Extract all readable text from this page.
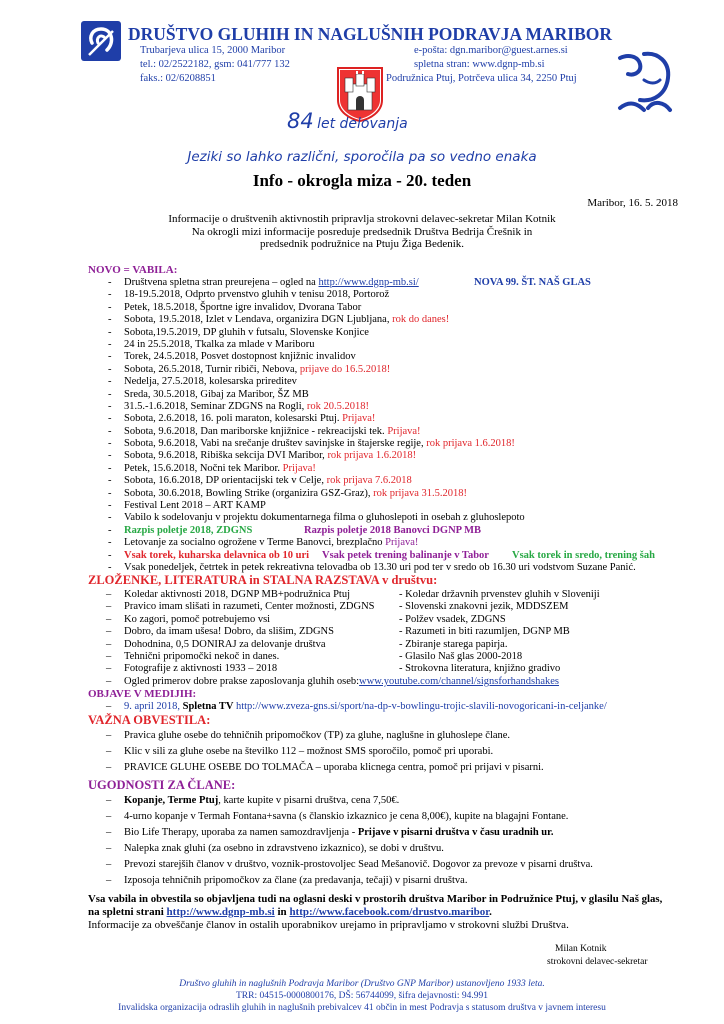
DRUŠTVO GLUHIH IN NAGLUŠNIH PODRAVJA MARIBOR
Trubarjeva ulica 15, 2000 Maribor
tel.: 02/2522182, gsm: 041/777 132
faks.: 02/6208851
e-pošta: dgn.maribor@guest.arnes.si
spletna stran: www.dgnp-mb.si
Podružnica Ptuj, Potrčeva ulica 34, 2250 Ptuj
84 let delovanja
Jeziki so lahko različni, sporočila pa so vedno enaka
Info - okrogla miza - 20. teden
Maribor, 16. 5. 2018
Informacije o društvenih aktivnostih pripravlja strokovni delavec-sekretar Milan Kotnik
Na okrogli mizi informacije posreduje predsednik Društva Bedrija Črešnik in
predsednik podružnice na Ptuju Žiga Bedenik.
NOVO = VABILA:
- Društvena spletna stran preurejena – ogled na http://www.dgnp-mb.si/	NOVA 99. ŠT. NAŠ GLAS
- 18-19.5.2018, Odprto prvenstvo gluhih v tenisu 2018, Portorož
- Petek, 18.5.2018, Športne igre invalidov, Dvorana Tabor
- Sobota, 19.5.2018, Izlet v Lendava, organizira DGN Ljubljana, rok do danes!
- Sobota,19.5.2019, DP gluhih v futsalu, Slovenske Konjice
- 24 in 25.5.2018, Tkalka za mlade v Mariboru
- Torek, 24.5.2018, Posvet dostopnost knjižnic invalidov
- Sobota, 26.5.2018, Turnir ribiči, Nebova, prijave do 16.5.2018!
- Nedelja, 27.5.2018, kolesarska prireditev
- Sreda, 30.5.2018, Gibaj za Maribor, ŠZ MB
- 31.5.-1.6.2018, Seminar ZDGNS na Rogli, rok 20.5.2018!
- Sobota, 2.6.2018, 16. poli maraton, kolesarski Ptuj. Prijava!
- Sobota, 9.6.2018, Dan mariborske knjižnice - rekreacijski tek. Prijava!
- Sobota, 9.6.2018, Vabi na srečanje društev savinjske in štajerske regije, rok prijava 1.6.2018!
- Sobota, 9.6.2018, Ribiška sekcija DVI Maribor, rok prijava 1.6.2018!
- Petek, 15.6.2018, Nočni tek Maribor. Prijava!
- Sobota, 16.6.2018, DP orientacijski tek v Celje, rok prijava 7.6.2018
- Sobota, 30.6.2018, Bowling Strike (organizira GSZ-Graz), rok prijava 31.5.2018!
- Festival Lent 2018 – ART KAMP
- Vabilo k sodelovanju v projektu dokumentarnega filma o gluhoslepoti in osebah z gluhoslepoto
- Razpis poletje 2018, ZDGNS	Razpis poletje 2018 Banovci DGNP MB
- Letovanje za socialno ogrožene v Terme Banovci, brezplačno Prijava!
- Vsak torek, kuharska delavnica ob 10 uri Vsak petek trening balinanje v Tabor Vsak torek in sredo, trening šah
- Vsak ponedeljek, četrtek in petek rekreativna telovadba ob 13.30 uri pod ter v sredo ob 16.30 uri vodstvom Suzane Panić.
ZLOŽENKE, LITERATURA in STALNA RAZSTAVA v društvu:
– Koledar aktivnosti 2018, DGNP MB+podružnica Ptuj	- Koledar državnih prvenstev gluhih v Sloveniji
– Pravico imam slišati in razumeti, Center možnosti, ZDGNS	- Slovenski znakovni jezik, MDDSZEM
– Ko zagori, pomoč potrebujemo vsi	- Polžev vsadek, ZDGNS
– Dobro, da imam ušesa! Dobro, da slišim, ZDGNS	- Razumeti in biti razumljen, DGNP MB
– Dohodnina, 0,5 DONIRAJ za delovanje društva	- Zbiranje starega papirja.
– Tehnični pripomočki nekoč in danes.	- Glasilo Naš glas 2000-2018
– Fotografije z aktivnosti 1933 – 2018	- Strokovna literatura, knjižno gradivo
– Ogled primerov dobre prakse zaposlovanja gluhih oseb: www.youtube.com/channel/signsforhandshakes
OBJAVE V MEDIJIH:
– 9. april 2018, Spletna TV http://www.zveza-gns.si/sport/na-dp-v-bowlingu-trojic-slavili-novogoricani-in-celjanke/
VAŽNA OBVESTILA:
– Pravica gluhe osebe do tehničnih pripomočkov (TP) za gluhe, naglušne in gluhoslepe člane.
– Klic v sili za gluhe osebe na številko 112 – možnost SMS sporočilo, pomoč pri uporabi.
– PRAVICE GLUHE OSEBE DO TOLMAČA – uporaba klicnega centra, pomoč pri prijavi v pisarni.
UGODNOSTI ZA ČLANE:
– Kopanje, Terme Ptuj, karte kupite v pisarni društva, cena 7,50€.
– 4-urno kopanje v Termah Fontana+savna (s članskio izkaznico je cena 8,00€), kupite na blagajni Fontane.
– Bio Life Therapy, uporaba za namen samozdravljenja - Prijave v pisarni društva v času uradnih ur.
– Nalepka znak gluhi (za osebno in zdravstveno izkaznico), se dobi v društvu.
– Prevozi starejših članov v društvo, voznik-prostovoljec Sead Mešanovič. Dogovor za prevoze v pisarni društva.
– Izposoja tehničnih pripomočkov za člane (za predavanja, tečaji) v pisarni društva.
Vsa vabila in obvestila so objavljena tudi na oglasni deski v prostorih društva Maribor in Podružnice Ptuj, v glasilu Naš glas,
na spletni strani http://www.dgnp-mb.si in http://www.facebook.com/drustvo.maribor.
Informacije za obveščanje članov in ostalih uporabnikov urejamo in pripravljamo v strokovni službi Društva.
Milan Kotnik
strokovni delavec-sekretar
Društvo gluhih in naglušnih Podravja Maribor (Društvo GNP Maribor) ustanovljeno 1933 leta.
TRR: 04515-0000800176, DŠ: 56744099, šifra dejavnosti: 94.991
Invalidska organizacija odraslih gluhih in naglušnih prebivalcev 41 občin in mest Podravja s statusom društva v javnem interesu
